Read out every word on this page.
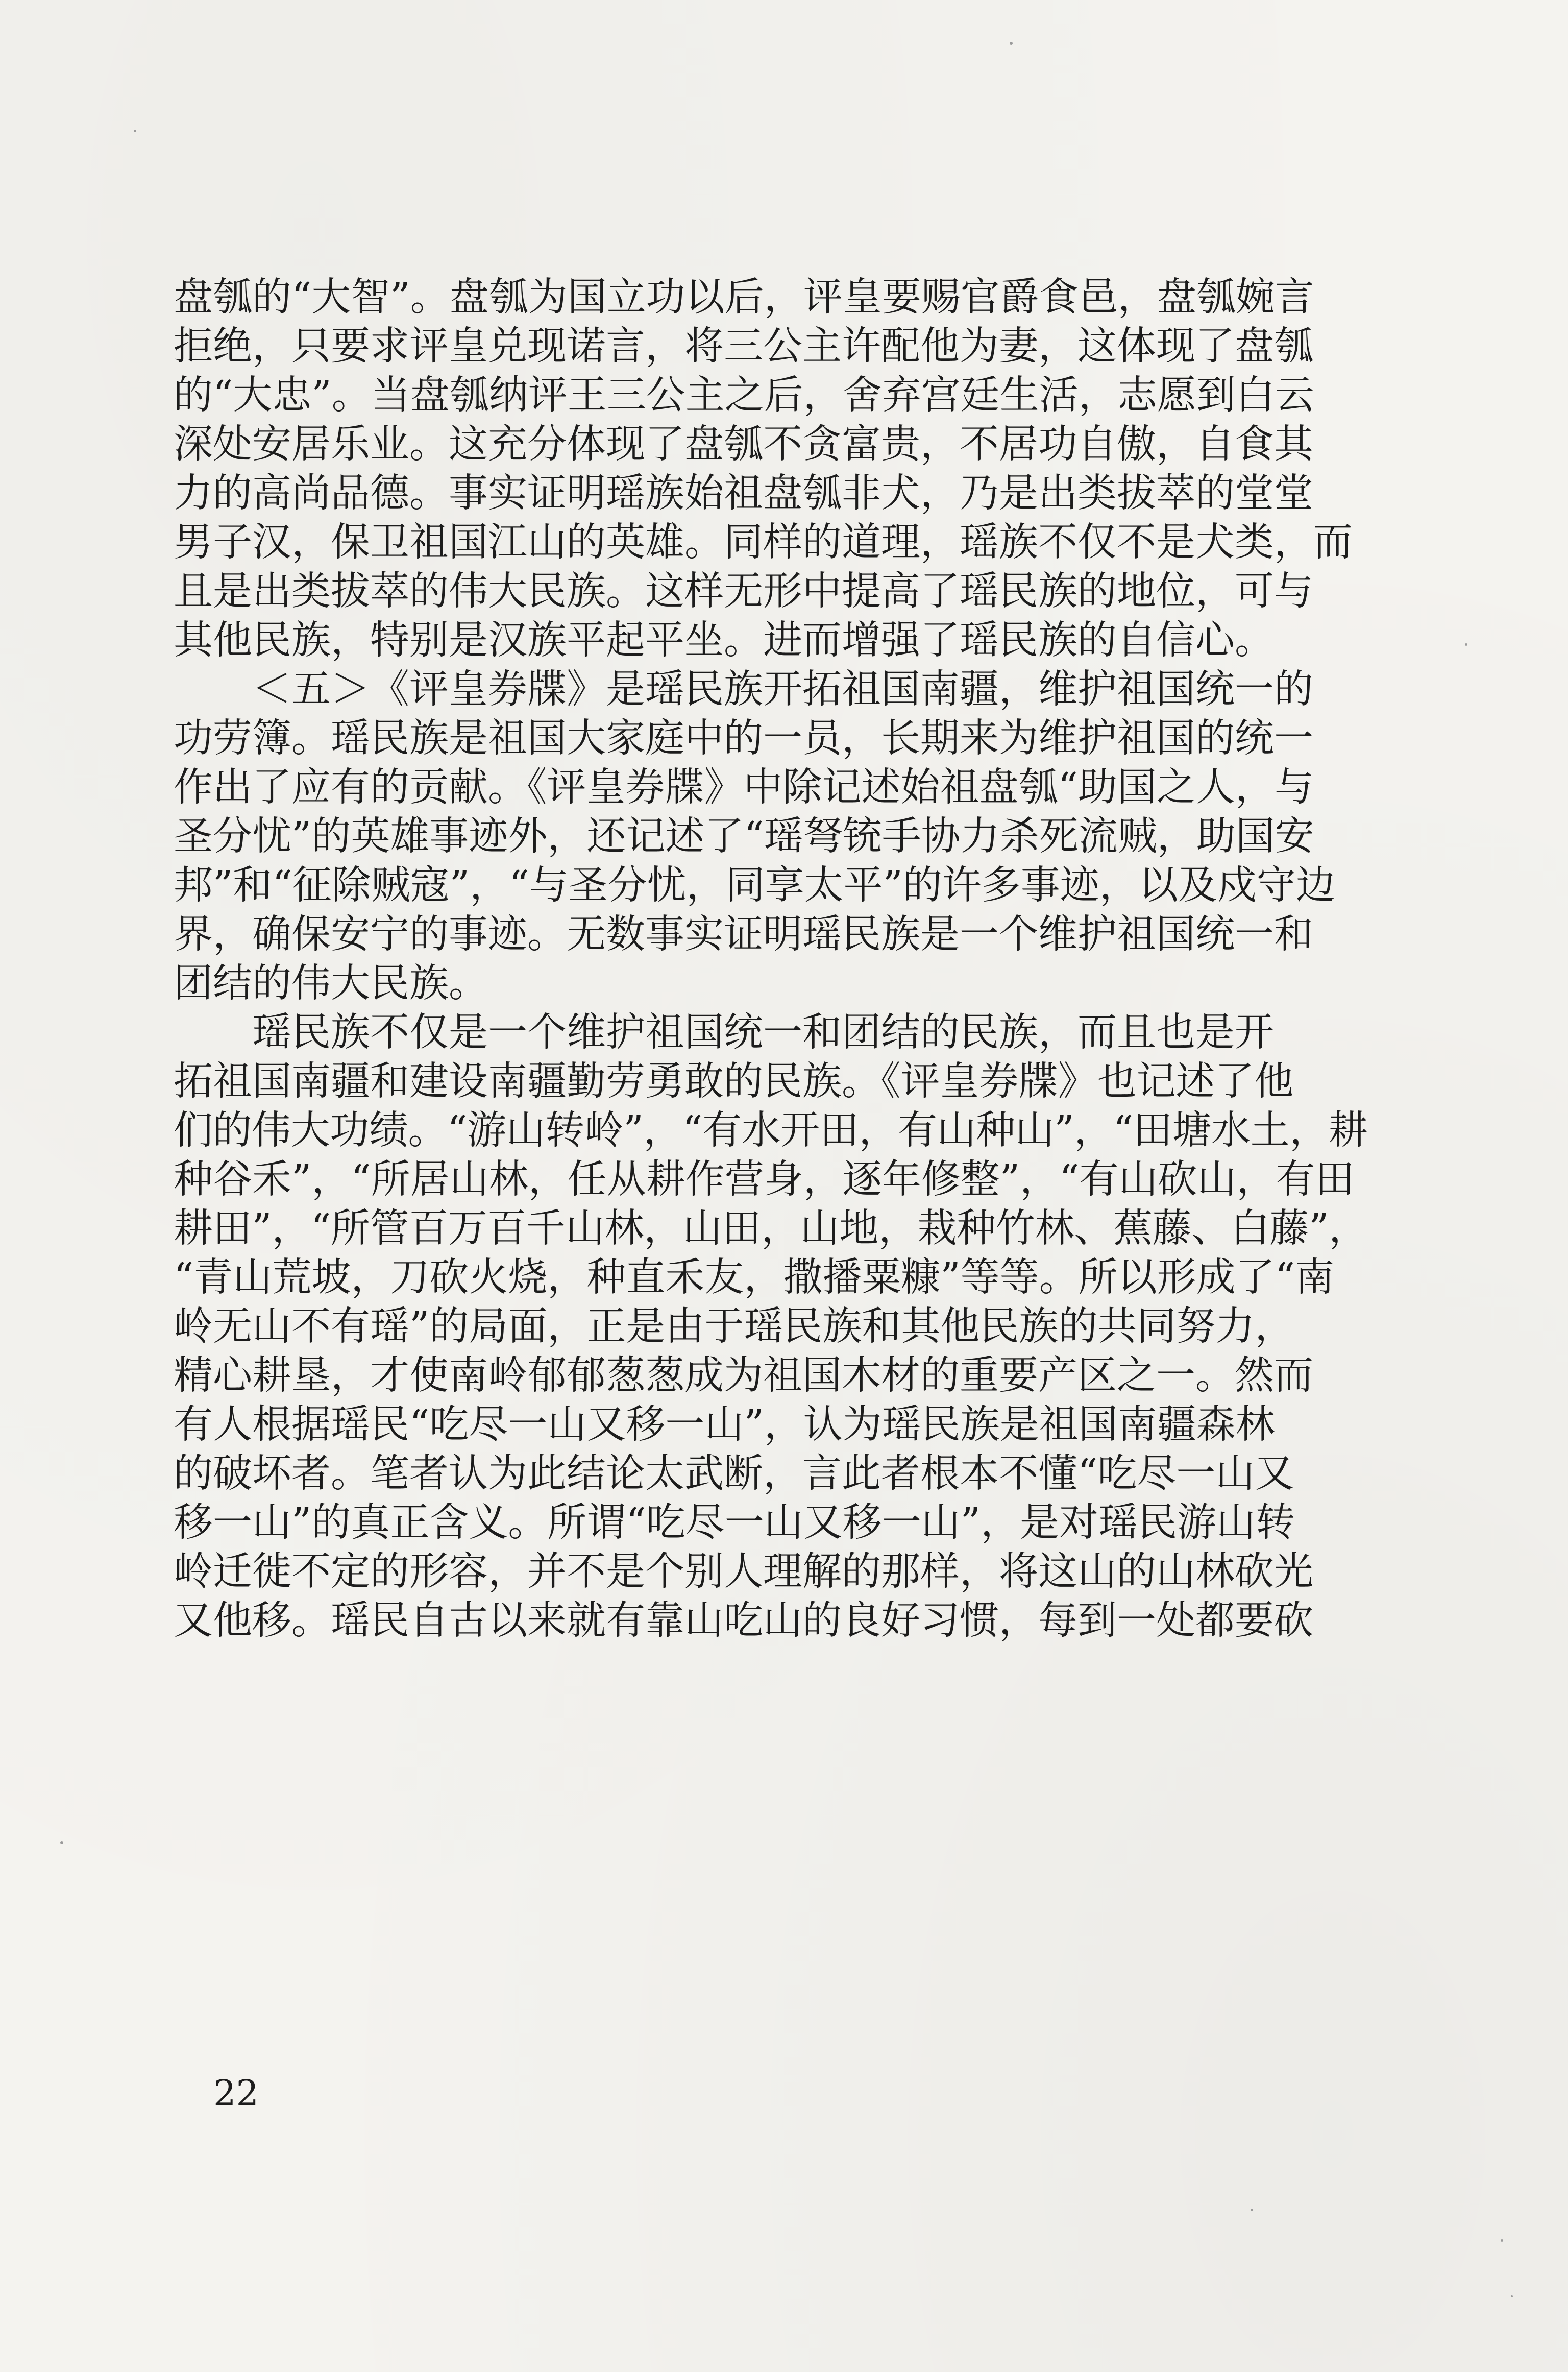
盘瓠的“大智”。盘瓠为国立功以后，评皇要赐官爵食邑，盘瓠婉言
拒绝，只要求评皇兑现诺言，将三公主许配他为妻，这体现了盘瓠
的“大忠”。当盘瓠纳评王三公主之后，舍弃宫廷生活，志愿到白云
深处安居乐业。这充分体现了盘瓠不贪富贵，不居功自傲，自食其
力的高尚品德。事实证明瑶族始祖盘瓠非犬，乃是出类拔萃的堂堂
男子汉，保卫祖国江山的英雄。同样的道理，瑶族不仅不是犬类，而
且是出类拔萃的伟大民族。这样无形中提高了瑶民族的地位，可与
其他民族，特别是汉族平起平坐。进而增强了瑶民族的自信心。
＜五＞《评皇券牒》是瑶民族开拓祖国南疆，维护祖国统一的
功劳簿。瑶民族是祖国大家庭中的一员，长期来为维护祖国的统一
作出了应有的贡献。《评皇券牒》中除记述始祖盘瓠“助国之人，与
圣分忧”的英雄事迹外，还记述了“瑶弩铳手协力杀死流贼，助国安
邦”和“征除贼寇”，“与圣分忧，同享太平”的许多事迹，以及戍守边
界，确保安宁的事迹。无数事实证明瑶民族是一个维护祖国统一和
团结的伟大民族。
瑶民族不仅是一个维护祖国统一和团结的民族，而且也是开
拓祖国南疆和建设南疆勤劳勇敢的民族。《评皇券牒》也记述了他
们的伟大功绩。“游山转岭”，“有水开田，有山种山”，“田塘水土，耕
种谷禾”，“所居山林，任从耕作营身，逐年修整”，“有山砍山，有田
耕田”，“所管百万百千山林，山田，山地，栽种竹林、蕉藤、白藤”，
“青山荒坡，刀砍火烧，种直禾友，撒播粟糠”等等。所以形成了“南
岭无山不有瑶”的局面，正是由于瑶民族和其他民族的共同努力，
精心耕垦，才使南岭郁郁葱葱成为祖国木材的重要产区之一。然而
有人根据瑶民“吃尽一山又移一山”，认为瑶民族是祖国南疆森林
的破坏者。笔者认为此结论太武断，言此者根本不懂“吃尽一山又
移一山”的真正含义。所谓“吃尽一山又移一山”，是对瑶民游山转
岭迁徙不定的形容，并不是个别人理解的那样，将这山的山林砍光
又他移。瑶民自古以来就有靠山吃山的良好习惯，每到一处都要砍
22
